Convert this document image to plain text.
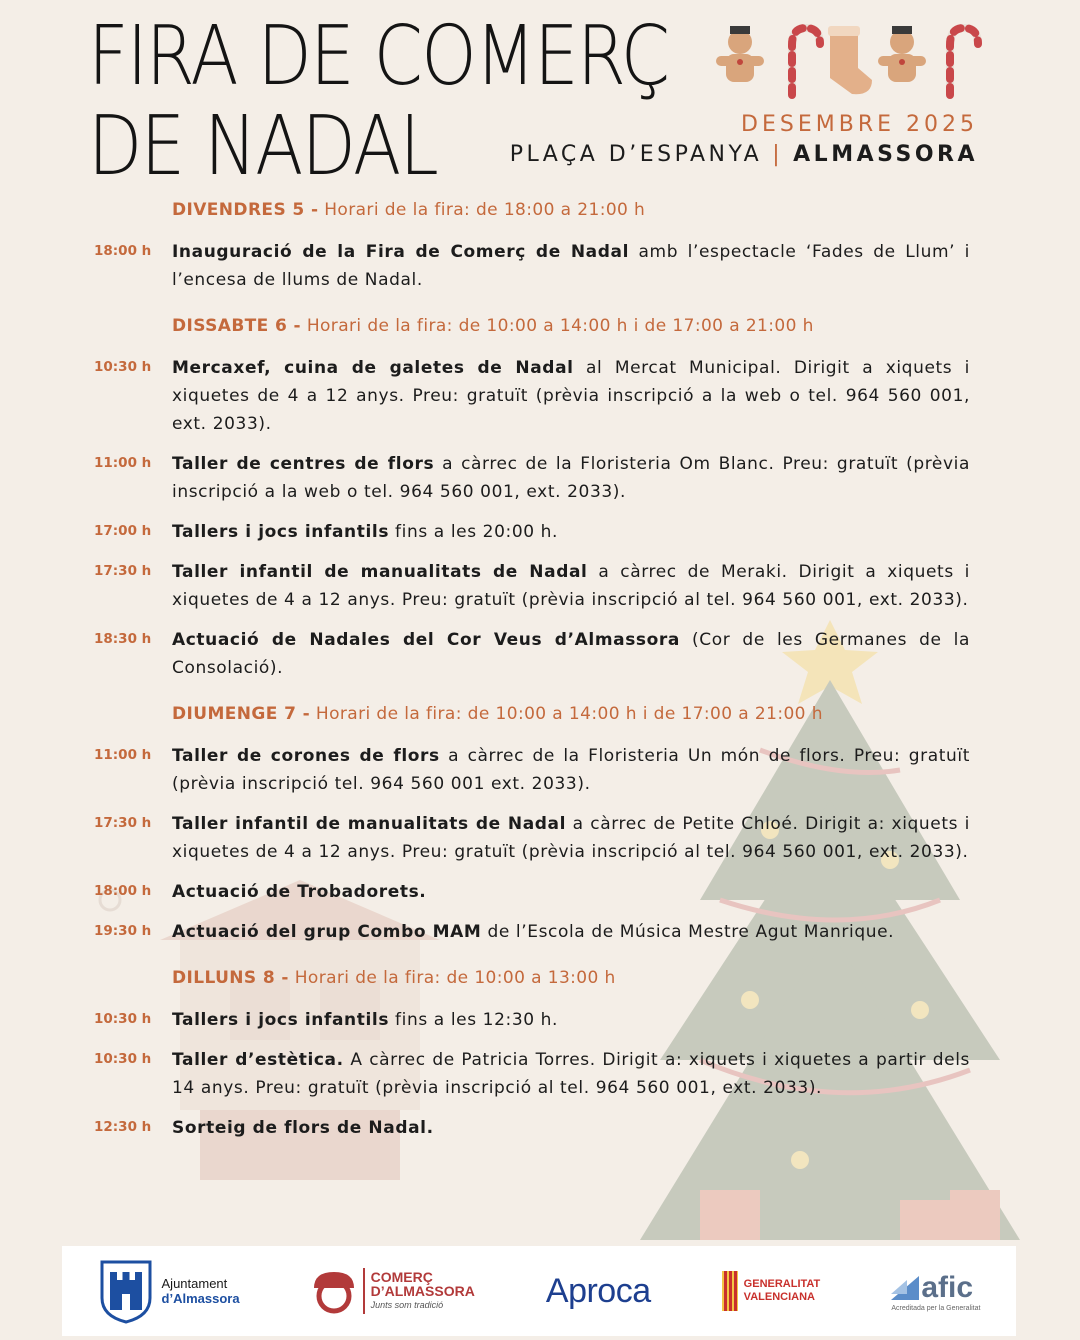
FIRA DE COMERÇ
DE NADAL	DESEMBRE 2025

PLAÇA D’ESPANYA | ALMASSORA

DIVENDRES 5 - Horari de la fira: de 18:00 a 21:00 h

18:00 h	Inauguració de la Fira de Comerç de Nadal amb l’espectacle ‘Fades de Llum’ i l’encesa de llums de Nadal.

DISSABTE 6 - Horari de la fira: de 10:00 a 14:00 h i de 17:00 a 21:00 h

10:30 h	Mercaxef, cuina de galetes de Nadal al Mercat Municipal. Dirigit a xiquets i xiquetes de 4 a 12 anys. Preu: gratuït (prèvia inscripció a la web o tel. 964 560 001, ext. 2033).

11:00 h	Taller de centres de flors a càrrec de la Floristeria Om Blanc. Preu: gratuït (prèvia inscripció a la web o tel. 964 560 001, ext. 2033).

17:00 h	Tallers i jocs infantils fins a les 20:00 h.

17:30 h	Taller infantil de manualitats de Nadal a càrrec de Meraki. Dirigit a xiquets i xiquetes de 4 a 12 anys. Preu: gratuït (prèvia inscripció al tel. 964 560 001, ext. 2033).

18:30 h	Actuació de Nadales del Cor Veus d’Almassora (Cor de les Germanes de la Consolació).

DIUMENGE 7 - Horari de la fira: de 10:00 a 14:00 h i de 17:00 a 21:00 h

11:00 h	Taller de corones de flors a càrrec de la Floristeria Un món de flors. Preu: gratuït (prèvia inscripció tel. 964 560 001 ext. 2033).

17:30 h	Taller infantil de manualitats de Nadal a càrrec de Petite Chloé. Dirigit a: xiquets i xiquetes de 4 a 12 anys. Preu: gratuït (prèvia inscripció al tel. 964 560 001, ext. 2033).

18:00 h	Actuació de Trobadorets.

19:30 h	Actuació del grup Combo MAM de l’Escola de Música Mestre Agut Manrique.

DILLUNS 8 - Horari de la fira: de 10:00 a 13:00 h

10:30 h	Tallers i jocs infantils fins a les 12:30 h.

10:30 h	Taller d’estètica. A càrrec de Patricia Torres. Dirigit a: xiquets i xiquetes a partir dels 14 anys. Preu: gratuït (prèvia inscripció al tel. 964 560 001, ext. 2033).

12:30 h	Sorteig de flors de Nadal.

Ajuntament
d’Almassora
COMERÇ
D’ALMASSORA
Junts som tradició	Aproca	GENERALITAT
VALENCIANA	afic
Acreditada per la Generalitat
